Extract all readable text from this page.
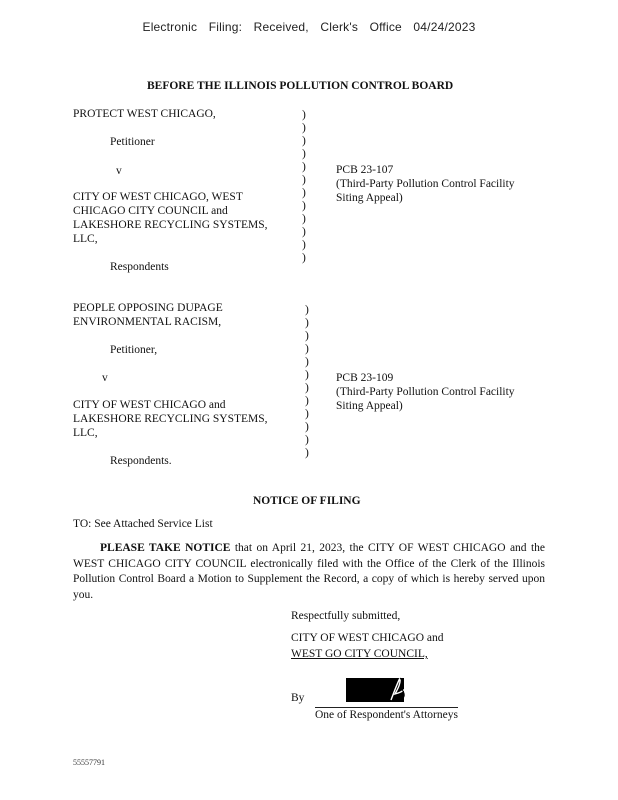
Electronic Filing: Received, Clerk's Office 04/24/2023
BEFORE THE ILLINOIS POLLUTION CONTROL BOARD
PROTECT WEST CHICAGO,
Petitioner
v
CITY OF WEST CHICAGO, WEST
CHICAGO CITY COUNCIL and
LAKESHORE RECYCLING SYSTEMS,
LLC,
Respondents
)
)
)
)
)
)
)
)
)
)
)
)
PCB 23-107
(Third-Party Pollution Control Facility
Siting Appeal)
PEOPLE OPPOSING DUPAGE
ENVIRONMENTAL RACISM,
Petitioner,
v
CITY OF WEST CHICAGO and
LAKESHORE RECYCLING SYSTEMS,
LLC,
Respondents.
)
)
)
)
)
)
)
)
)
)
)
)
PCB 23-109
(Third-Party Pollution Control Facility
Siting Appeal)
NOTICE OF FILING
TO: See Attached Service List
PLEASE TAKE NOTICE that on April 21, 2023, the CITY OF WEST CHICAGO and the WEST CHICAGO CITY COUNCIL electronically filed with the Office of the Clerk of the Illinois Pollution Control Board a Motion to Supplement the Record, a copy of which is hereby served upon you.
Respectfully submitted,
CITY OF WEST CHICAGO and
WEST GO CITY COUNCIL,
By
One of Respondent's Attorneys
55557791
